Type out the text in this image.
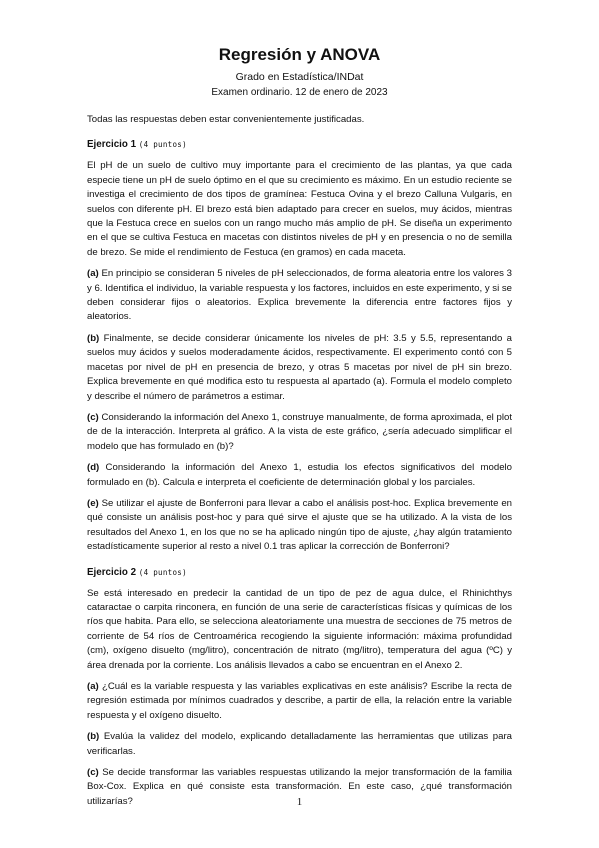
Regresión y ANOVA
Grado en Estadística/INDat
Examen ordinario. 12 de enero de 2023

Todas las respuestas deben estar convenientemente justificadas.

Ejercicio 1 (4 puntos)

El pH de un suelo de cultivo muy importante para el crecimiento de las plantas, ya que cada especie tiene un pH de suelo óptimo en el que su crecimiento es máximo. En un estudio reciente se investiga el crecimiento de dos tipos de gramínea: Festuca Ovina y el brezo Calluna Vulgaris, en suelos con diferente pH. El brezo está bien adaptado para crecer en suelos, muy ácidos, mientras que la Festuca crece en suelos con un rango mucho más amplio de pH. Se diseña un experimento en el que se cultiva Festuca en macetas con distintos niveles de pH y en presencia o no de semilla de brezo. Se mide el rendimiento de Festuca (en gramos) en cada maceta.

(a) En principio se consideran 5 niveles de pH seleccionados, de forma aleatoria entre los valores 3 y 6. Identifica el individuo, la variable respuesta y los factores, incluidos en este experimento, y si se deben considerar fijos o aleatorios. Explica brevemente la diferencia entre factores fijos y aleatorios.

(b) Finalmente, se decide considerar únicamente los niveles de pH: 3.5 y 5.5, representando a suelos muy ácidos y suelos moderadamente ácidos, respectivamente. El experimento contó con 5 macetas por nivel de pH en presencia de brezo, y otras 5 macetas por nivel de pH sin brezo. Explica brevemente en qué modifica esto tu respuesta al apartado (a). Formula el modelo completo y describe el número de parámetros a estimar.

(c) Considerando la información del Anexo 1, construye manualmente, de forma aproximada, el plot de de la interacción. Interpreta al gráfico. A la vista de este gráfico, ¿sería adecuado simplificar el modelo que has formulado en (b)?

(d) Considerando la información del Anexo 1, estudia los efectos significativos del modelo formulado en (b). Calcula e interpreta el coeficiente de determinación global y los parciales.

(e) Se utilizar el ajuste de Bonferroni para llevar a cabo el análisis post-hoc. Explica brevemente en qué consiste un análisis post-hoc y para qué sirve el ajuste que se ha utilizado. A la vista de los resultados del Anexo 1, en los que no se ha aplicado ningún tipo de ajuste, ¿hay algún tratamiento estadísticamente superior al resto a nivel 0.1 tras aplicar la corrección de Bonferroni?

Ejercicio 2 (4 puntos)

Se está interesado en predecir la cantidad de un tipo de pez de agua dulce, el Rhinichthys cataractae o carpita rinconera, en función de una serie de características físicas y químicas de los ríos que habita. Para ello, se selecciona aleatoriamente una muestra de secciones de 75 metros de corriente de 54 ríos de Centroamérica recogiendo la siguiente información: máxima profundidad (cm), oxígeno disuelto (mg/litro), concentración de nitrato (mg/litro), temperatura del agua (ºC) y área drenada por la corriente. Los análisis llevados a cabo se encuentran en el Anexo 2.

(a) ¿Cuál es la variable respuesta y las variables explicativas en este análisis? Escribe la recta de regresión estimada por mínimos cuadrados y describe, a partir de ella, la relación entre la variable respuesta y el oxígeno disuelto.

(b) Evalúa la validez del modelo, explicando detalladamente las herramientas que utilizas para verificarlas.

(c) Se decide transformar las variables respuestas utilizando la mejor transformación de la familia Box-Cox. Explica en qué consiste esta transformación. En este caso, ¿qué transformación utilizarías?	1
